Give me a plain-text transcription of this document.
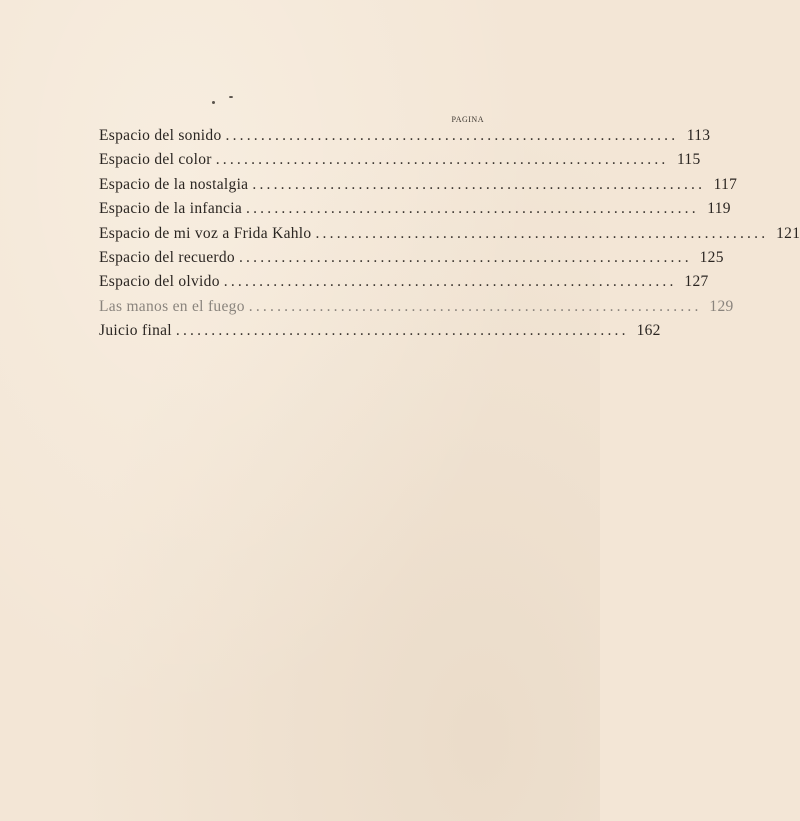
PAGINA
Espacio del sonido ................................................................ 113
Espacio del color ................................................................ 115
Espacio de la nostalgia ................................................................ 117
Espacio de la infancia ................................................................ 119
Espacio de mi voz a Frida Kahlo ................................................................ 121
Espacio del recuerdo ................................................................ 125
Espacio del olvido ................................................................ 127
Las manos en el fuego ................................................................ 129
Juicio final ................................................................ 162
